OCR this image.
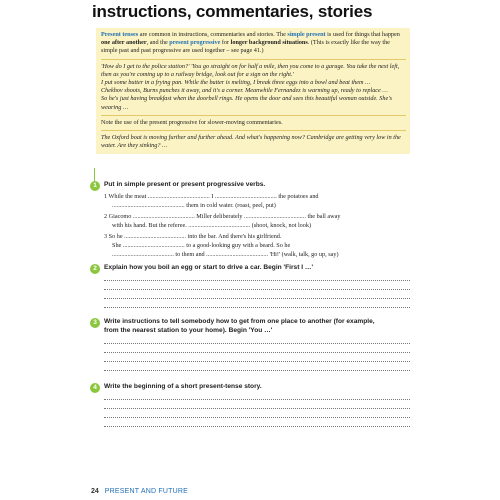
instructions, commentaries, stories

Present tenses are common in instructions, commentaries and stories. The simple present is used for things that happen one after another, and the present progressive for longer background situations. (This is exactly like the way the simple past and past progressive are used together – see page 41.)

'How do I get to the police station?' 'You go straight on for half a mile, then you come to a garage. You take the next left, then as you're coming up to a railway bridge, look out for a sign on the right.'

I put some butter in a frying pan. While the butter is melting, I break three eggs into a bowl and beat them …

Chekhov shoots, Burns punches it away, and it's a corner. Meanwhile Fernandez is warming up, ready to replace …

So he's just having breakfast when the doorbell rings. He opens the door and sees this beautiful woman outside. She's wearing …

Note the use of the present progressive for slower-moving commentaries.

The Oxford boat is moving further and further ahead. And what's happening now? Cambridge are getting very low in the water. Are they sinking? …

1	Put in simple present or present progressive verbs.
1 While the meat ........................................ I ........................................ the potatoes and
............................................... them in cold water. (roast, peel, put)
2 Giacomo ........................................ Miller deliberately ........................................ the ball away
with his hand. But the referee. ........................................ (shoot, knock, not look)
3 So he ........................................ into the bar. And there's his girlfriend.
She ........................................ to a good-looking guy with a beard. So he
........................................ to them and ........................................ 'Hi!' (walk, talk, go up, say)
2	Explain how you boil an egg or start to drive a car. Begin 'First I …'
3	Write instructions to tell somebody how to get from one place to another (for example,
from the nearest station to your home). Begin 'You …'
4	Write the beginning of a short present-tense story.
24 PRESENT AND FUTURE
